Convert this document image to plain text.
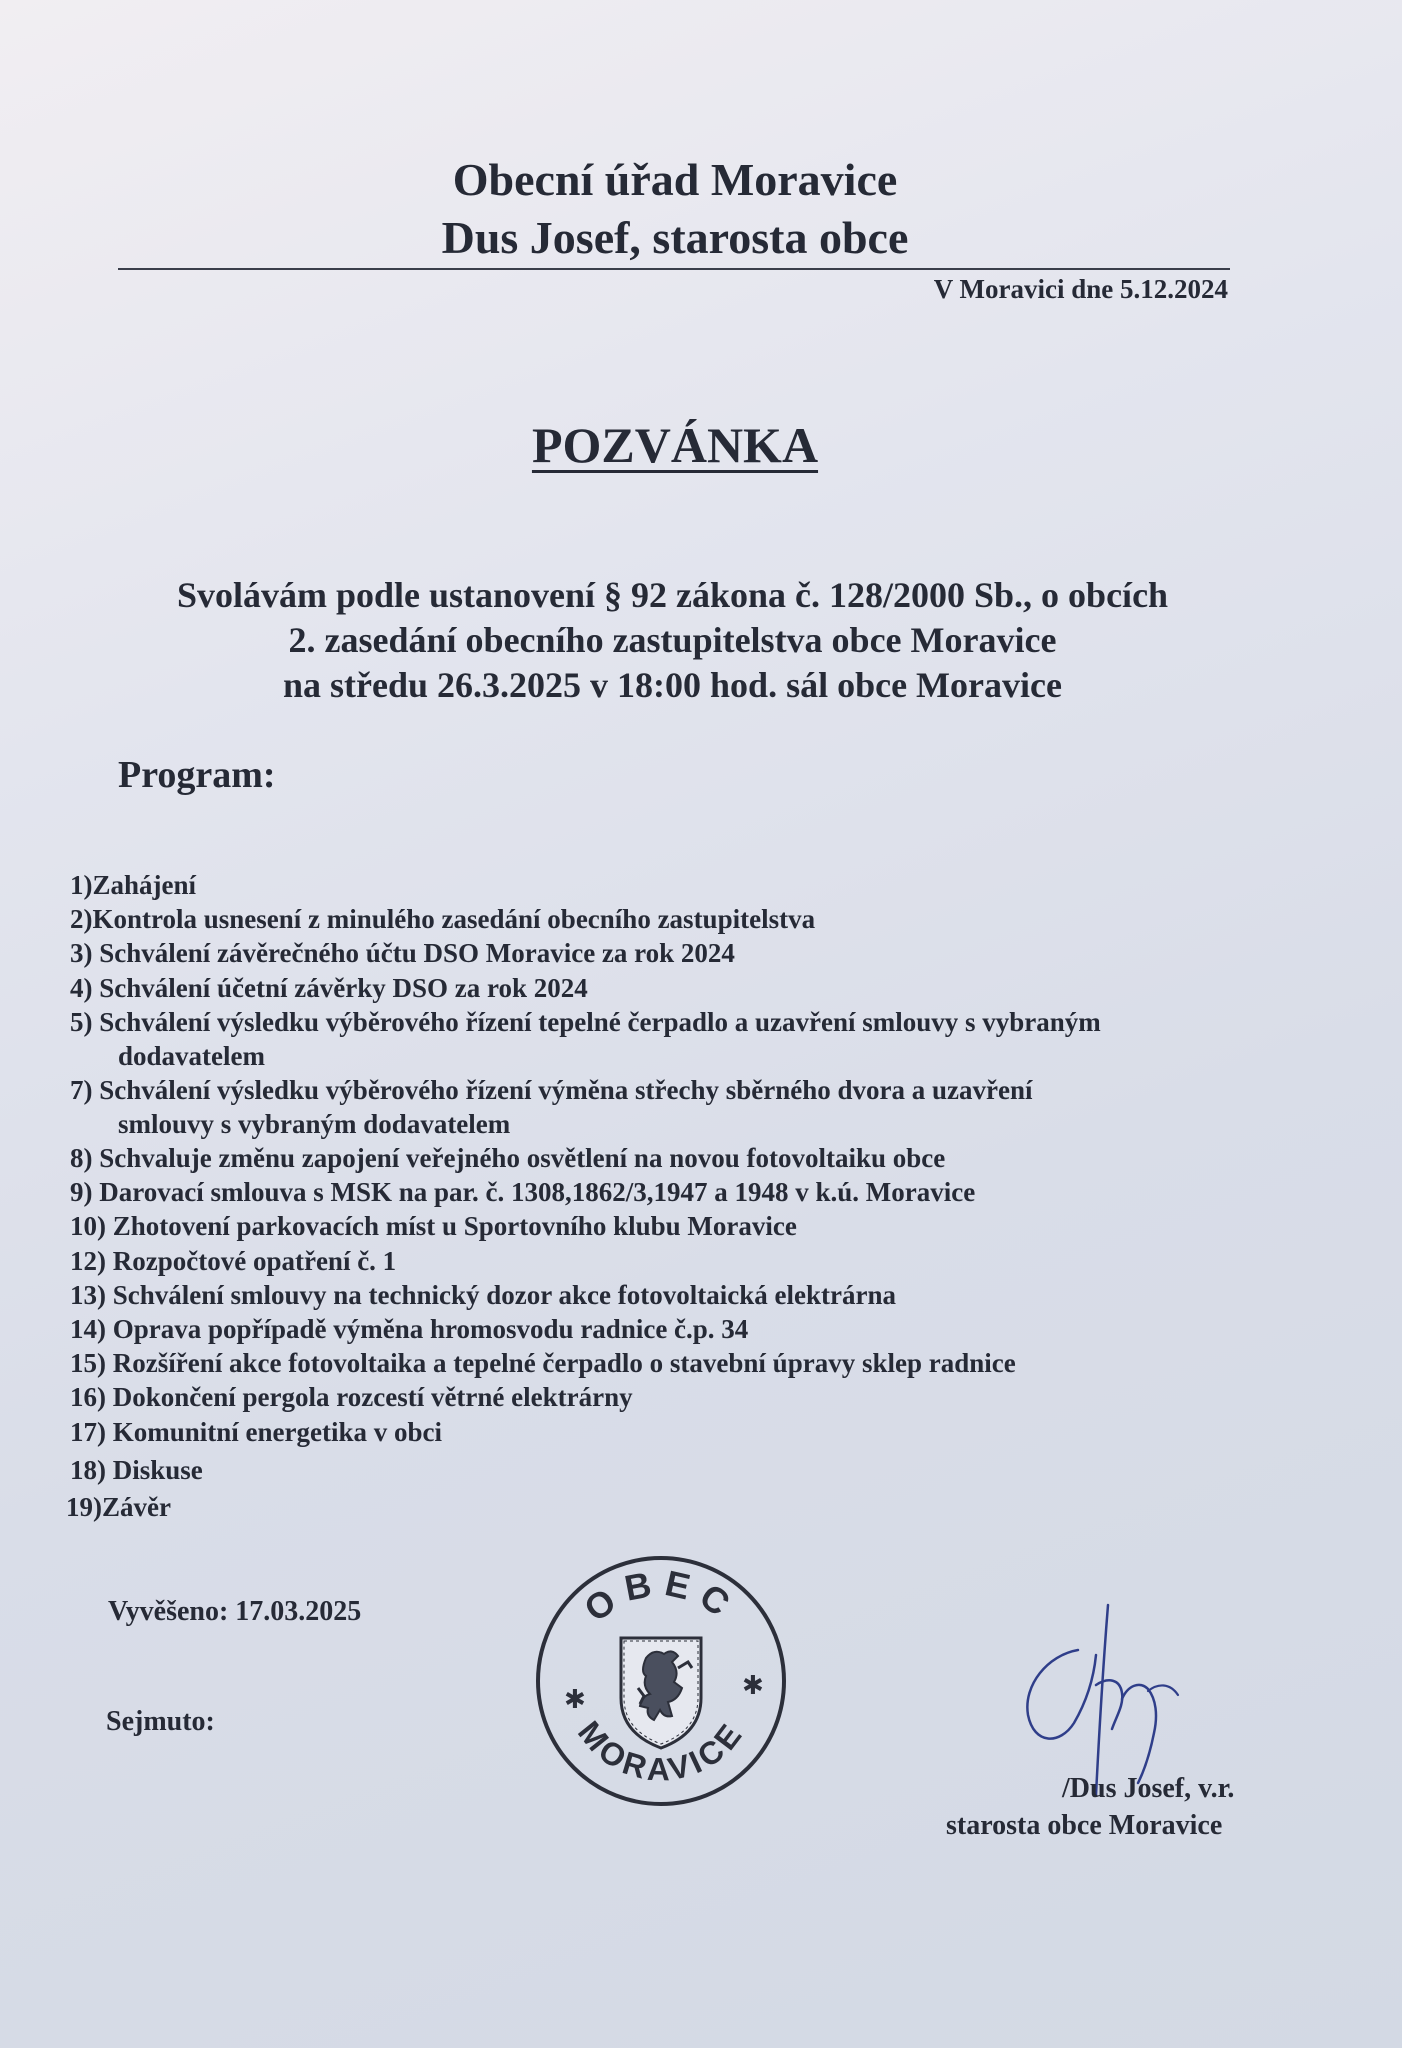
Obecní úřad Moravice
Dus Josef, starosta obce
V Moravici dne 5.12.2024
POZVÁNKA
Svolávám podle ustanovení § 92 zákona č. 128/2000 Sb., o obcích
2. zasedání obecního zastupitelstva obce Moravice
na středu 26.3.2025 v 18:00 hod. sál obce Moravice
Program:
1)Zahájení
2)Kontrola usnesení z minulého zasedání obecního zastupitelstva
3) Schválení závěrečného účtu DSO Moravice za rok 2024
4) Schválení účetní závěrky DSO za rok 2024
5) Schválení výsledku výběrového řízení tepelné čerpadlo a uzavření smlouvy s vybraným
dodavatelem
7) Schválení výsledku výběrového řízení výměna střechy sběrného dvora a uzavření
smlouvy s vybraným dodavatelem
8) Schvaluje změnu zapojení veřejného osvětlení na novou fotovoltaiku obce
9) Darovací smlouva s MSK na par. č. 1308,1862/3,1947 a 1948 v k.ú. Moravice
10) Zhotovení parkovacích míst u Sportovního klubu Moravice
12) Rozpočtové opatření č. 1
13) Schválení smlouvy na technický dozor akce fotovoltaická elektrárna
14) Oprava popřípadě výměna hromosvodu radnice č.p. 34
15) Rozšíření akce fotovoltaika a tepelné čerpadlo o stavební úpravy sklep radnice
16) Dokončení pergola rozcestí větrné elektrárny
17) Komunitní energetika v obci
18) Diskuse
19)Závěr
Vyvěšeno: 17.03.2025
Sejmuto:
OBEC
MORAVICE
✱	✱
/Dus Josef, v.r.
starosta obce Moravice
